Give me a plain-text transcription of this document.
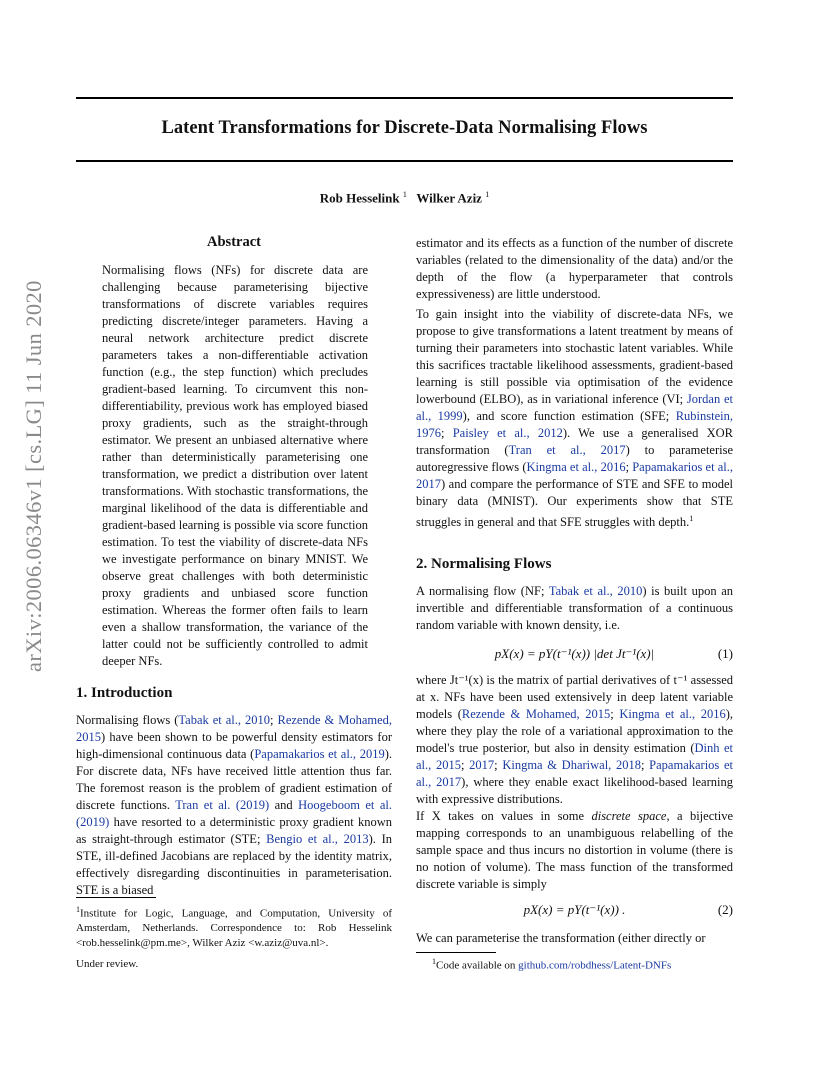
arXiv:2006.06346v1 [cs.LG] 11 Jun 2020
Latent Transformations for Discrete-Data Normalising Flows
Rob Hesselink $^1$ Wilker Aziz $^1$
Abstract
Normalising flows (NFs) for discrete data are challenging because parameterising bijective transformations of discrete variables requires predicting discrete/integer parameters. Having a neural network architecture predict discrete parameters takes a non-differentiable activation function (e.g., the step function) which precludes gradient-based learning. To circumvent this non-differentiability, previous work has employed biased proxy gradients, such as the straight-through estimator. We present an unbiased alternative where rather than deterministically parameterising one transformation, we predict a distribution over latent transformations. With stochastic transformations, the marginal likelihood of the data is differentiable and gradient-based learning is possible via score function estimation. To test the viability of discrete-data NFs we investigate performance on binary MNIST. We observe great challenges with both deterministic proxy gradients and unbiased score function estimation. Whereas the former often fails to learn even a shallow transformation, the variance of the latter could not be sufficiently controlled to admit deeper NFs.
1. Introduction
Normalising flows (Tabak et al., 2010; Rezende & Mohamed, 2015) have been shown to be powerful density estimators for high-dimensional continuous data (Papamakarios et al., 2019). For discrete data, NFs have received little attention thus far. The foremost reason is the problem of gradient estimation of discrete functions. Tran et al. (2019) and Hoogeboom et al. (2019) have resorted to a deterministic proxy gradient known as straight-through estimator (STE; Bengio et al., 2013). In STE, ill-defined Jacobians are replaced by the identity matrix, effectively disregarding discontinuities in parameterisation. STE is a biased
$^1$Institute for Logic, Language, and Computation, University of Amsterdam, Netherlands. Correspondence to: Rob Hesselink <rob.hesselink@pm.me>, Wilker Aziz <w.aziz@uva.nl>.
Under review.
estimator and its effects as a function of the number of discrete variables (related to the dimensionality of the data) and/or the depth of the flow (a hyperparameter that controls expressiveness) are little understood.
To gain insight into the viability of discrete-data NFs, we propose to give transformations a latent treatment by means of turning their parameters into stochastic latent variables. While this sacrifices tractable likelihood assessments, gradient-based learning is still possible via optimisation of the evidence lowerbound (ELBO), as in variational inference (VI; Jordan et al., 1999), and score function estimation (SFE; Rubinstein, 1976; Paisley et al., 2012). We use a generalised XOR transformation (Tran et al., 2017) to parameterise autoregressive flows (Kingma et al., 2016; Papamakarios et al., 2017) and compare the performance of STE and SFE to model binary data (MNIST). Our experiments show that STE struggles in general and that SFE struggles with depth.$^1$
2. Normalising Flows
A normalising flow (NF; Tabak et al., 2010) is built upon an invertible and differentiable transformation of a continuous random variable with known density, i.e.
pX(x) = pY(t⁻¹(x)) |det Jt⁻¹(x)|	(1)
where Jt⁻¹(x) is the matrix of partial derivatives of t⁻¹ assessed at x. NFs have been used extensively in deep latent variable models (Rezende & Mohamed, 2015; Kingma et al., 2016), where they play the role of a variational approximation to the model's true posterior, but also in density estimation (Dinh et al., 2015; 2017; Kingma & Dhariwal, 2018; Papamakarios et al., 2017), where they enable exact likelihood-based learning with expressive distributions.
If X takes on values in some discrete space, a bijective mapping corresponds to an unambiguous relabelling of the sample space and thus incurs no distortion in volume (there is no notion of volume). The mass function of the transformed discrete variable is simply
pX(x) = pY(t⁻¹(x)) .	(2)
We can parameterise the transformation (either directly or
$^1$Code available on github.com/robdhess/Latent-DNFs
